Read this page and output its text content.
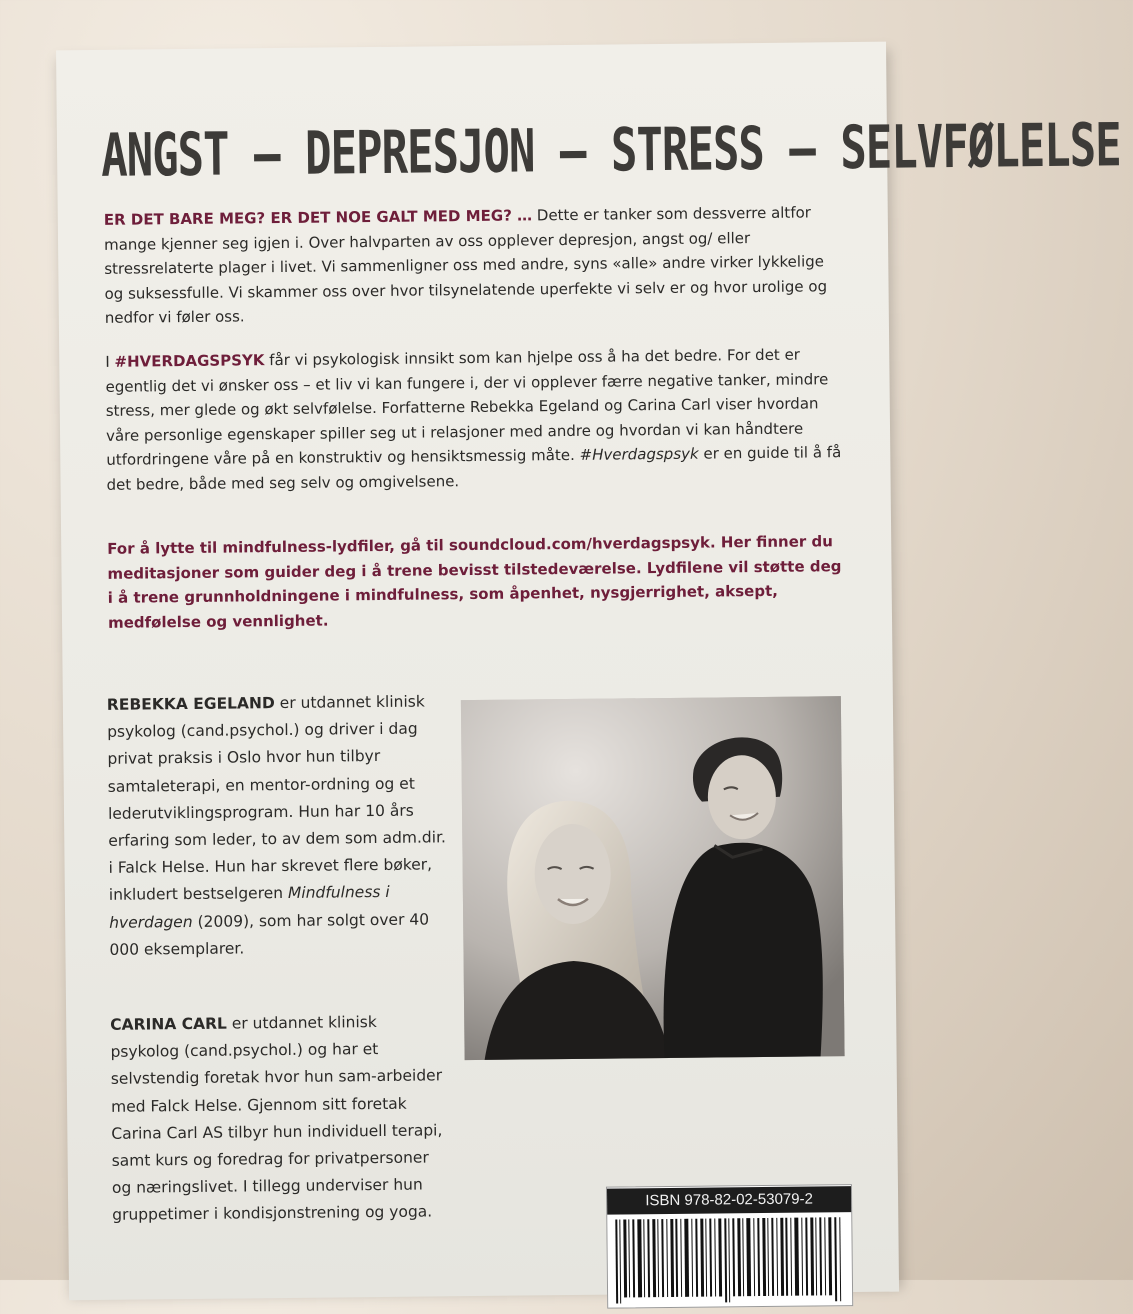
ANGST – DEPRESJON – STRESS – SELVFØLELSE
ER DET BARE MEG? ER DET NOE GALT MED MEG? … Dette er tanker som dessverre altfor mange kjenner seg igjen i. Over halvparten av oss opplever depresjon, angst og/ eller stressrelaterte plager i livet. Vi sammenligner oss med andre, syns «alle» andre virker lykkelige og suksessfulle. Vi skammer oss over hvor tilsynelatende uperfekte vi selv er og hvor urolige og nedfor vi føler oss.
I #HVERDAGSPSYK får vi psykologisk innsikt som kan hjelpe oss å ha det bedre. For det er egentlig det vi ønsker oss – et liv vi kan fungere i, der vi opplever færre negative tanker, mindre stress, mer glede og økt selvfølelse. Forfatterne Rebekka Egeland og Carina Carl viser hvordan våre personlige egenskaper spiller seg ut i relasjoner med andre og hvordan vi kan håndtere utfordringene våre på en konstruktiv og hensiktsmessig måte. #Hverdagspsyk er en guide til å få det bedre, både med seg selv og omgivelsene.
For å lytte til mindfulness-lydfiler, gå til soundcloud.com/hverdagspsyk. Her finner du meditasjoner som guider deg i å trene bevisst tilstedeværelse. Lydfilene vil støtte deg i å trene grunnholdningene i mindfulness, som åpenhet, nysgjerrighet, aksept, medfølelse og vennlighet.
REBEKKA EGELAND er utdannet klinisk psykolog (cand.psychol.) og driver i dag privat praksis i Oslo hvor hun tilbyr samtaleterapi, en mentor-ordning og et lederutviklingsprogram. Hun har 10 års erfaring som leder, to av dem som adm.dir. i Falck Helse. Hun har skrevet flere bøker, inkludert bestselgeren Mindfulness i hverdagen (2009), som har solgt over 40 000 eksemplarer.
CARINA CARL er utdannet klinisk psykolog (cand.psychol.) og har et selvstendig foretak hvor hun sam-arbeider med Falck Helse. Gjennom sitt foretak Carina Carl AS tilbyr hun individuell terapi, samt kurs og foredrag for privatpersoner og næringslivet. I tillegg underviser hun gruppetimer i kondisjonstrening og yoga.
ISBN 978-82-02-53079-2
